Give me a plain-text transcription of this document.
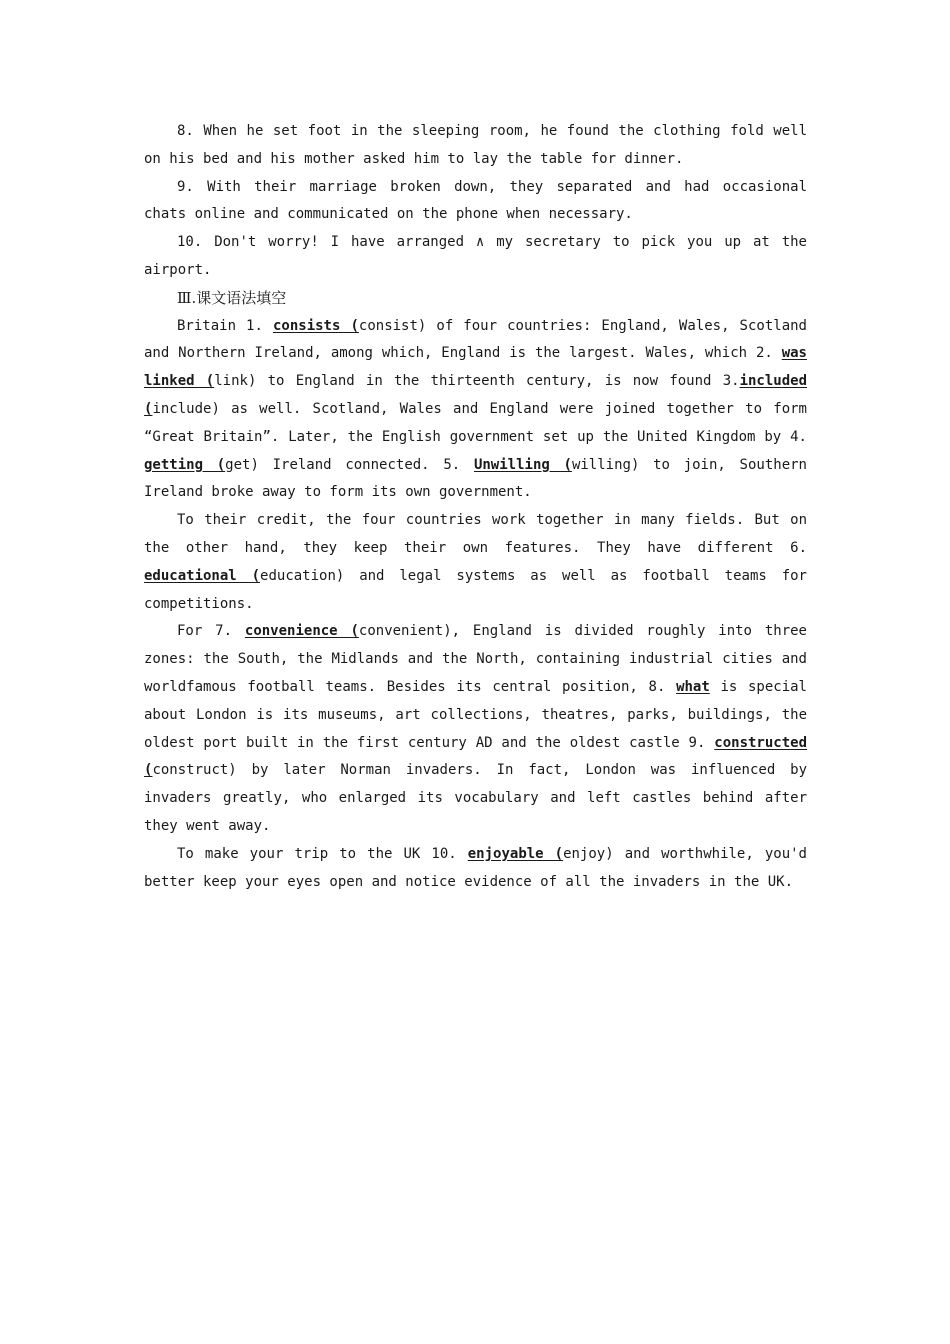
8. When he set foot in the sleeping room, he found the clothing fold well on his bed and his mother asked him to lay the table for dinner.

9. With their marriage broken down, they separated and had occasional chats online and communicated on the phone when necessary.

10. Don't worry! I have arranged ∧ my secretary to pick you up at the airport.

Ⅲ.课文语法填空

Britain 1. consists (consist) of four countries: England, Wales, Scotland and Northern Ireland, among which, England is the largest. Wales, which 2. was linked (link) to England in the thirteenth century, is now found 3.included (include) as well. Scotland, Wales and England were joined together to form “Great Britain”. Later, the English government set up the United Kingdom by 4. getting (get) Ireland connected. 5. Unwilling (willing) to join, Southern Ireland broke away to form its own government.

To their credit, the four countries work together in many fields. But on the other hand, they keep their own features. They have different 6. educational (education) and legal systems as well as football teams for competitions.

For 7. convenience (convenient), England is divided roughly into three zones: the South, the Midlands and the North, containing industrial cities and worldfamous football teams. Besides its central position, 8. what is special about London is its museums, art collections, theatres, parks, buildings, the oldest port built in the first century AD and the oldest castle 9. constructed (construct) by later Norman invaders. In fact, London was influenced by invaders greatly, who enlarged its vocabulary and left castles behind after they went away.

To make your trip to the UK 10. enjoyable (enjoy) and worthwhile, you'd better keep your eyes open and notice evidence of all the invaders in the UK.
